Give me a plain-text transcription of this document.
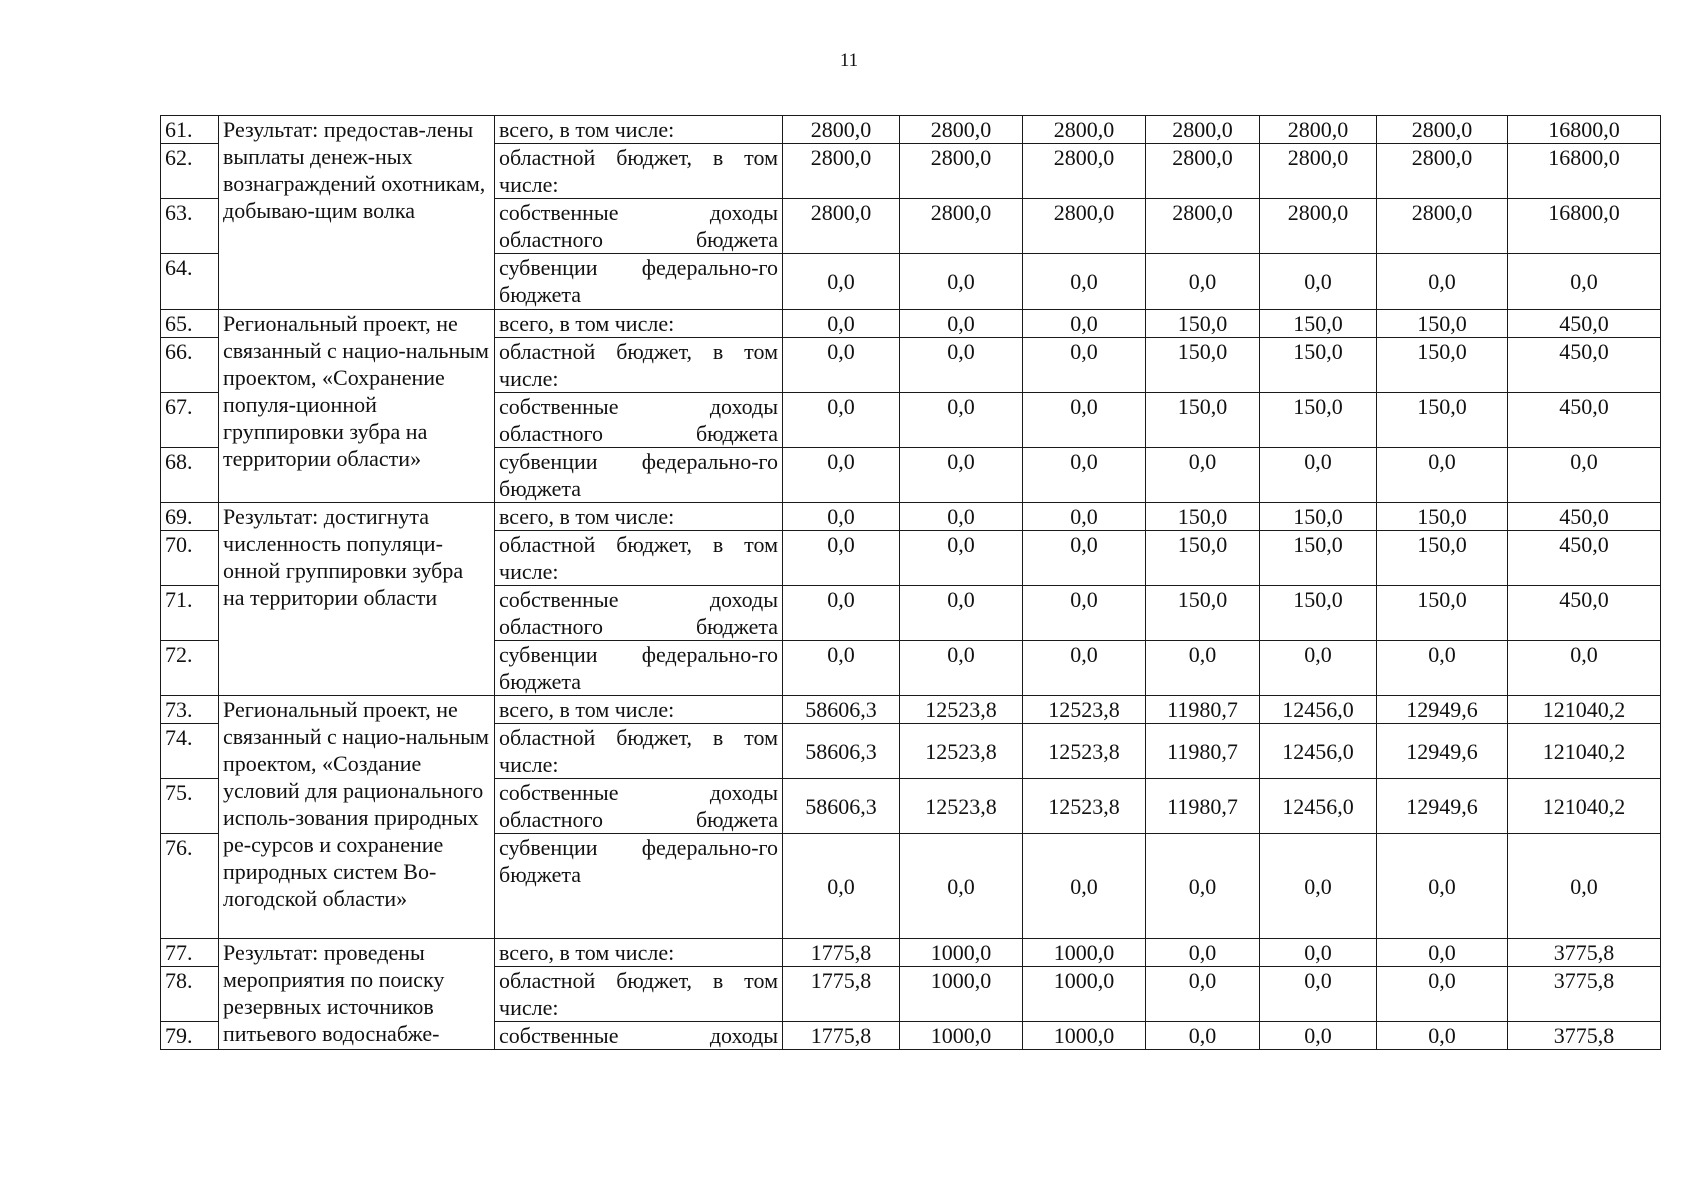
11
61.	Результат: предостав-лены выплаты денеж-ных вознаграждений охотникам, добываю-щим волка	всего, в том числе:	2800,0	2800,0	2800,0	2800,0	2800,0	2800,0	16800,0
62.		областной бюджет, в том числе:	2800,0	2800,0	2800,0	2800,0	2800,0	2800,0	16800,0
63.		собственные доходы областного бюджета	2800,0	2800,0	2800,0	2800,0	2800,0	2800,0	16800,0
64.		субвенции федерально-го бюджета	0,0	0,0	0,0	0,0	0,0	0,0	0,0
65.	Региональный проект, не связанный с нацио-нальным проектом, «Сохранение популя-ционной группировки зубра на территории области»	всего, в том числе:	0,0	0,0	0,0	150,0	150,0	150,0	450,0
66.		областной бюджет, в том числе:	0,0	0,0	0,0	150,0	150,0	150,0	450,0
67.		собственные доходы областного бюджета	0,0	0,0	0,0	150,0	150,0	150,0	450,0
68.		субвенции федерально-го бюджета	0,0	0,0	0,0	0,0	0,0	0,0	0,0
69.	Результат: достигнута численность популяци-онной группировки зубра на территории области	всего, в том числе:	0,0	0,0	0,0	150,0	150,0	150,0	450,0
70.		областной бюджет, в том числе:	0,0	0,0	0,0	150,0	150,0	150,0	450,0
71.		собственные доходы областного бюджета	0,0	0,0	0,0	150,0	150,0	150,0	450,0
72.		субвенции федерально-го бюджета	0,0	0,0	0,0	0,0	0,0	0,0	0,0
73.	Региональный проект, не связанный с нацио-нальным проектом, «Создание условий для рационального исполь-зования природных ре-сурсов и сохранение природных систем Во-логодской области»	всего, в том числе:	58606,3	12523,8	12523,8	11980,7	12456,0	12949,6	121040,2
74.		областной бюджет, в том числе:	58606,3	12523,8	12523,8	11980,7	12456,0	12949,6	121040,2
75.		собственные доходы областного бюджета	58606,3	12523,8	12523,8	11980,7	12456,0	12949,6	121040,2
76.		субвенции федерально-го бюджета	0,0	0,0	0,0	0,0	0,0	0,0	0,0
77.	Результат: проведены мероприятия по поиску резервных источников питьевого водоснабже-	всего, в том числе:	1775,8	1000,0	1000,0	0,0	0,0	0,0	3775,8
78.		областной бюджет, в том числе:	1775,8	1000,0	1000,0	0,0	0,0	0,0	3775,8
79.		собственные доходы	1775,8	1000,0	1000,0	0,0	0,0	0,0	3775,8
